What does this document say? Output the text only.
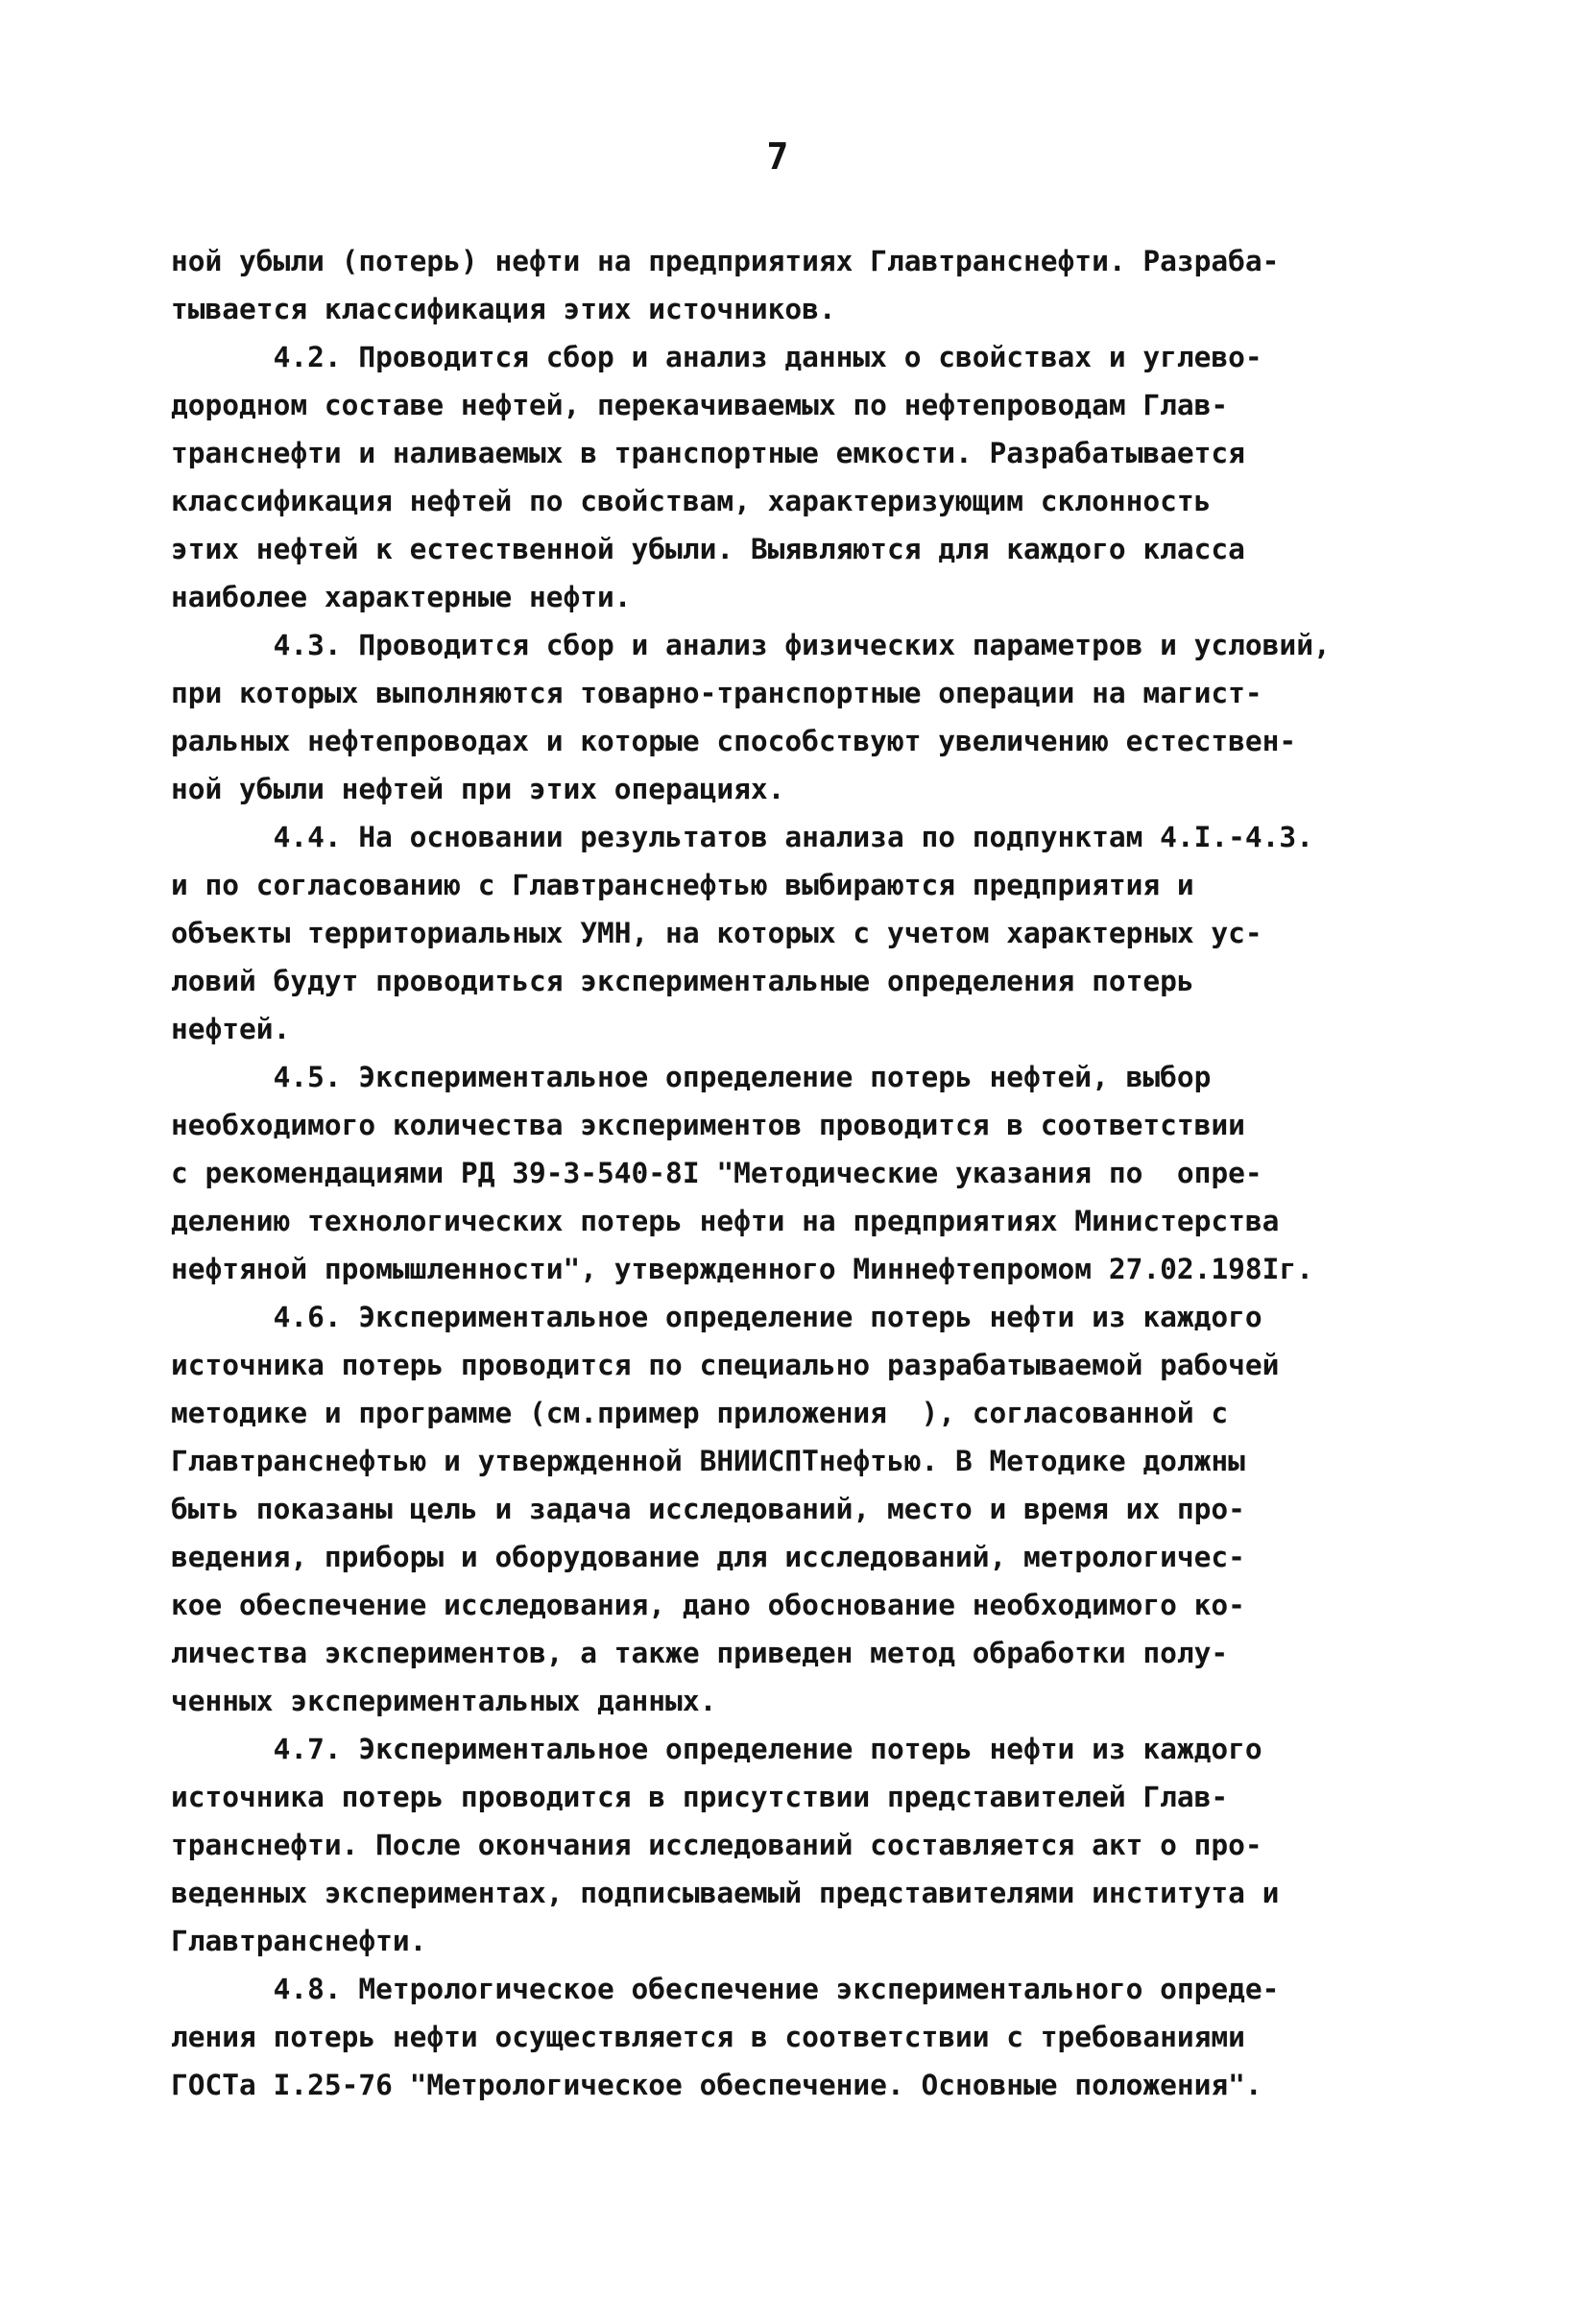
7

ной убыли (потерь) нефти на предприятиях Главтранснефти. Разраба-
тывается классификация этих источников.

4.2. Проводится сбор и анализ данных о свойствах и углево-
дородном составе нефтей, перекачиваемых по нефтепроводам Глав-
транснефти и наливаемых в транспортные емкости. Разрабатывается
классификация нефтей по свойствам, характеризующим склонность
этих нефтей к естественной убыли. Выявляются для каждого класса
наиболее характерные нефти.

4.3. Проводится сбор и анализ физических параметров и условий,
при которых выполняются товарно-транспортные операции на магист-
ральных нефтепроводах и которые способствуют увеличению естествен-
ной убыли нефтей при этих операциях.

4.4. На основании результатов анализа по подпунктам 4.I.-4.3.
и по согласованию с Главтранснефтью выбираются предприятия и
объекты территориальных УМН, на которых с учетом характерных ус-
ловий будут проводиться экспериментальные определения потерь
нефтей.

4.5. Экспериментальное определение потерь нефтей, выбор
необходимого количества экспериментов проводится в соответствии
с рекомендациями РД 39-3-540-8I "Методические указания по  опре-
делению технологических потерь нефти на предприятиях Министерства
нефтяной промышленности", утвержденного Миннефтепромом 27.02.198Iг.

4.6. Экспериментальное определение потерь нефти из каждого
источника потерь проводится по специально разрабатываемой рабочей
методике и программе (см.пример приложения  ), согласованной с
Главтранснефтью и утвержденной ВНИИСПТнефтью. В Методике должны
быть показаны цель и задача исследований, место и время их про-
ведения, приборы и оборудование для исследований, метрологичес-
кое обеспечение исследования, дано обоснование необходимого ко-
личества экспериментов, а также приведен метод обработки полу-
ченных экспериментальных данных.

4.7. Экспериментальное определение потерь нефти из каждого
источника потерь проводится в присутствии представителей Глав-
транснефти. После окончания исследований составляется акт о про-
веденных экспериментах, подписываемый представителями института и
Главтранснефти.

4.8. Метрологическое обеспечение экспериментального опреде-
ления потерь нефти осуществляется в соответствии с требованиями
ГОСТа I.25-76 "Метрологическое обеспечение. Основные положения".
